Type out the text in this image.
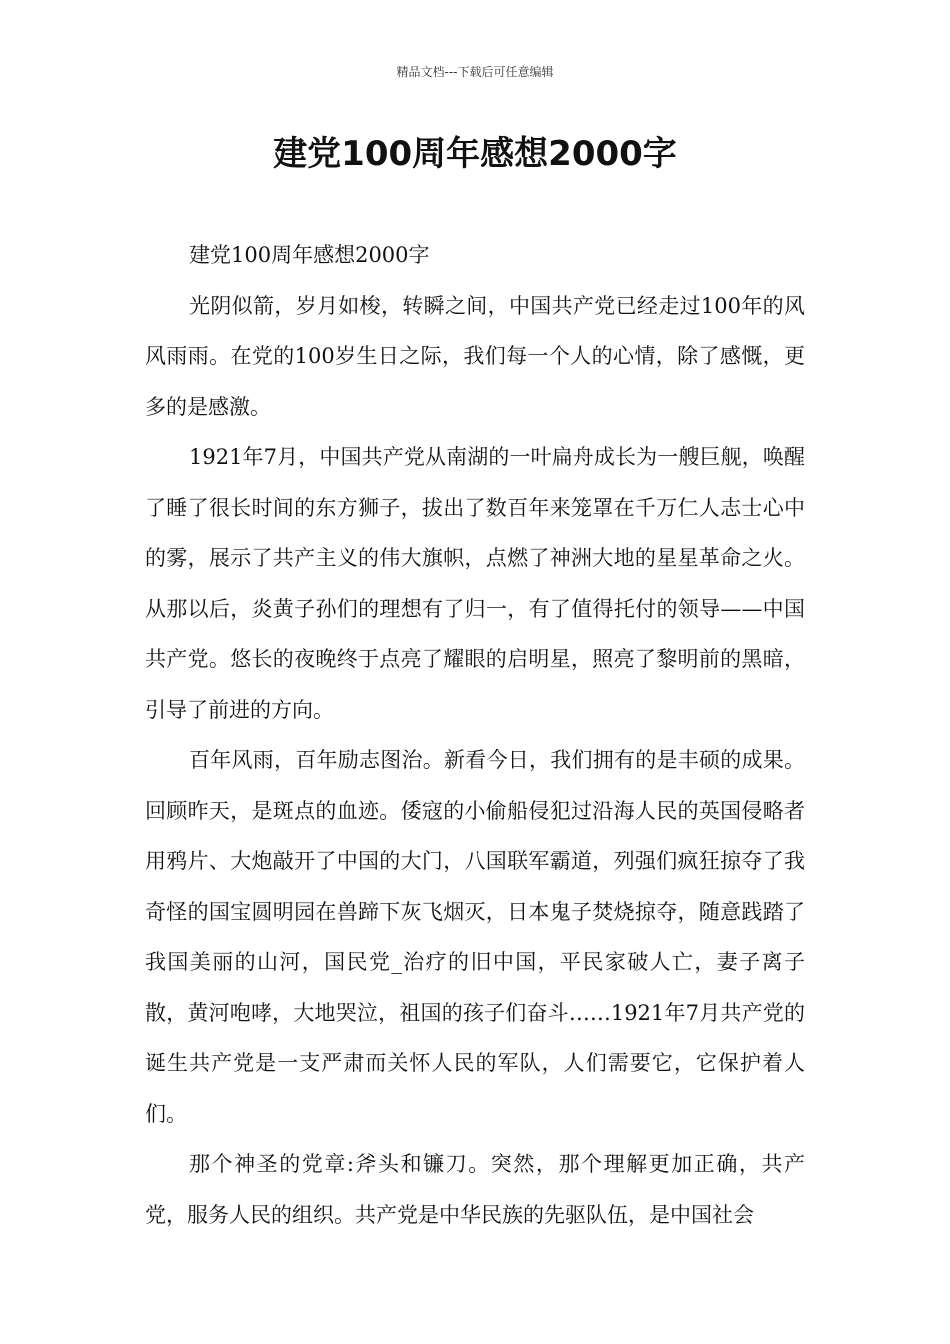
精品文档---下载后可任意编辑
建党100周年感想2000字

建党100周年感想2000字

光阴似箭，岁月如梭，转瞬之间，中国共产党已经走过100年的风风雨雨。在党的100岁生日之际，我们每一个人的心情，除了感慨，更多的是感激。

1921年7月，中国共产党从南湖的一叶扁舟成长为一艘巨舰，唤醒了睡了很长时间的东方狮子，拔出了数百年来笼罩在千万仁人志士心中的雾，展示了共产主义的伟大旗帜，点燃了神洲大地的星星革命之火。从那以后，炎黄子孙们的理想有了归一，有了值得托付的领导——中国共产党。悠长的夜晚终于点亮了耀眼的启明星，照亮了黎明前的黑暗，引导了前进的方向。

百年风雨，百年励志图治。新看今日，我们拥有的是丰硕的成果。回顾昨天，是斑点的血迹。倭寇的小偷船侵犯过沿海人民的英国侵略者用鸦片、大炮敲开了中国的大门，八国联军霸道，列强们疯狂掠夺了我奇怪的国宝圆明园在兽蹄下灰飞烟灭，日本鬼子焚烧掠夺，随意践踏了我国美丽的山河，国民党_治疗的旧中国，平民家破人亡，妻子离子散，黄河咆哮，大地哭泣，祖国的孩子们奋斗……1921年7月共产党的诞生共产党是一支严肃而关怀人民的军队，人们需要它，它保护着人们。

那个神圣的党章:斧头和镰刀。突然，那个理解更加正确，共产党，服务人民的组织。共产党是中华民族的先驱队伍，是中国社会
